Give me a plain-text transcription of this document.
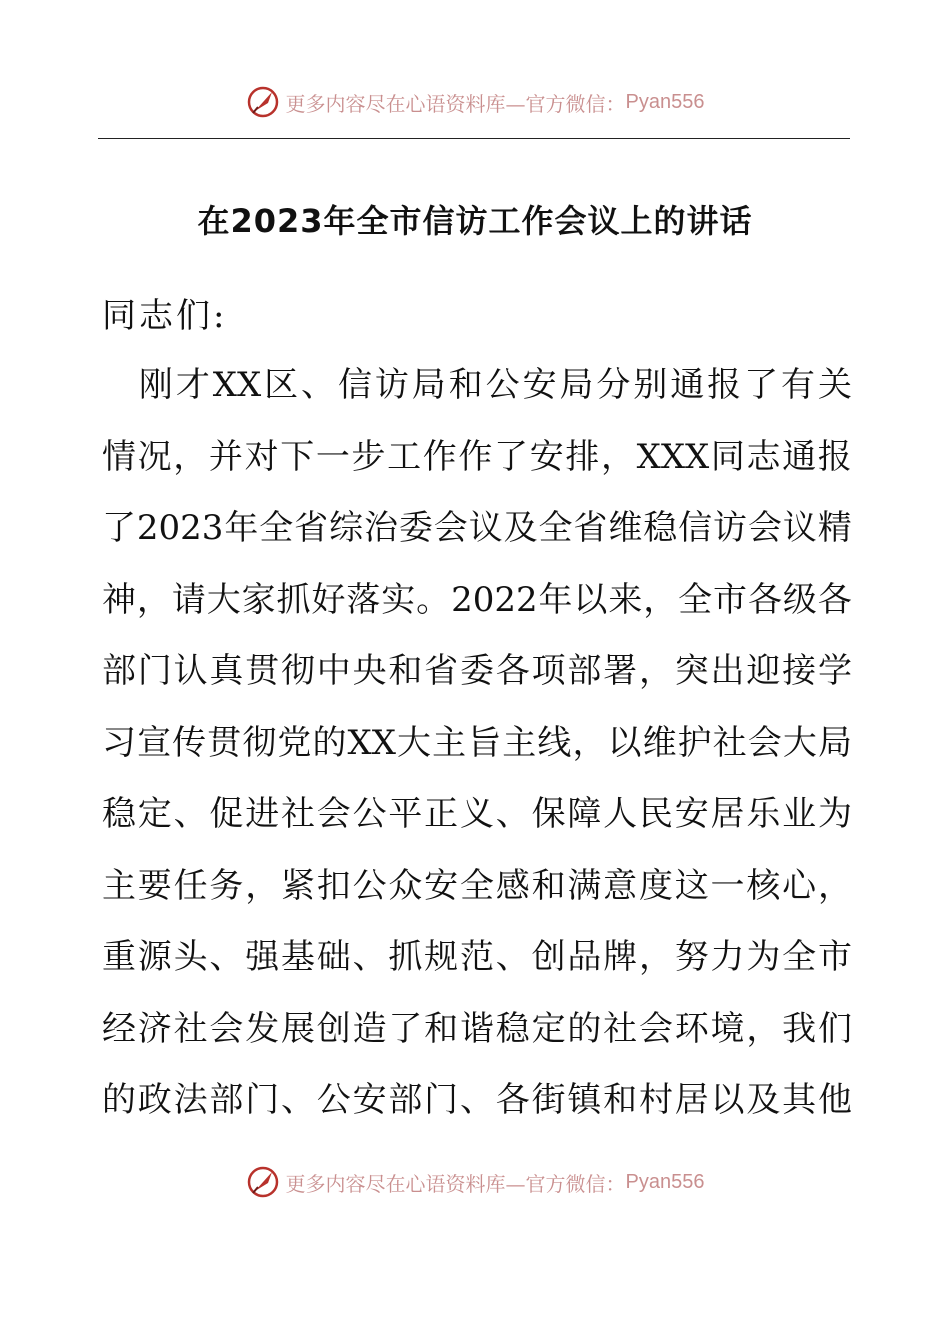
更多内容尽在心语资料库—官方微信： Pyan556
在2023年全市信访工作会议上的讲话
同志们:

刚 才 XX 区 、 信 访 局 和 公 安 局 分 别 通 报 了 有 关
情 况 ， 并 对 下 一 步 工 作 作 了 安 排 ， XXX 同 志 通 报
了 2023 年 全 省 综 治 委 会 议 及 全 省 维 稳 信 访 会 议 精
神 ， 请 大 家 抓 好 落 实 。 2022 年 以 来 ， 全 市 各 级 各
部 门 认 真 贯 彻 中 央 和 省 委 各 项 部 署 ， 突 出 迎 接 学
习 宣 传 贯 彻 党 的 XX 大 主 旨 主 线 ， 以 维 护 社 会 大 局
稳 定 、 促 进 社 会 公 平 正 义 、 保 障 人 民 安 居 乐 业 为
主 要 任 务 ， 紧 扣 公 众 安 全 感 和 满 意 度 这 一 核 心 ，
重 源 头 、 强 基 础 、 抓 规 范 、 创 品 牌 ， 努 力 为 全 市
经 济 社 会 发 展 创 造 了 和 谐 稳 定 的 社 会 环 境 ， 我 们
的 政 法 部 门 、 公 安 部 门 、 各 街 镇 和 村 居 以 及 其 他
更多内容尽在心语资料库—官方微信： Pyan556
